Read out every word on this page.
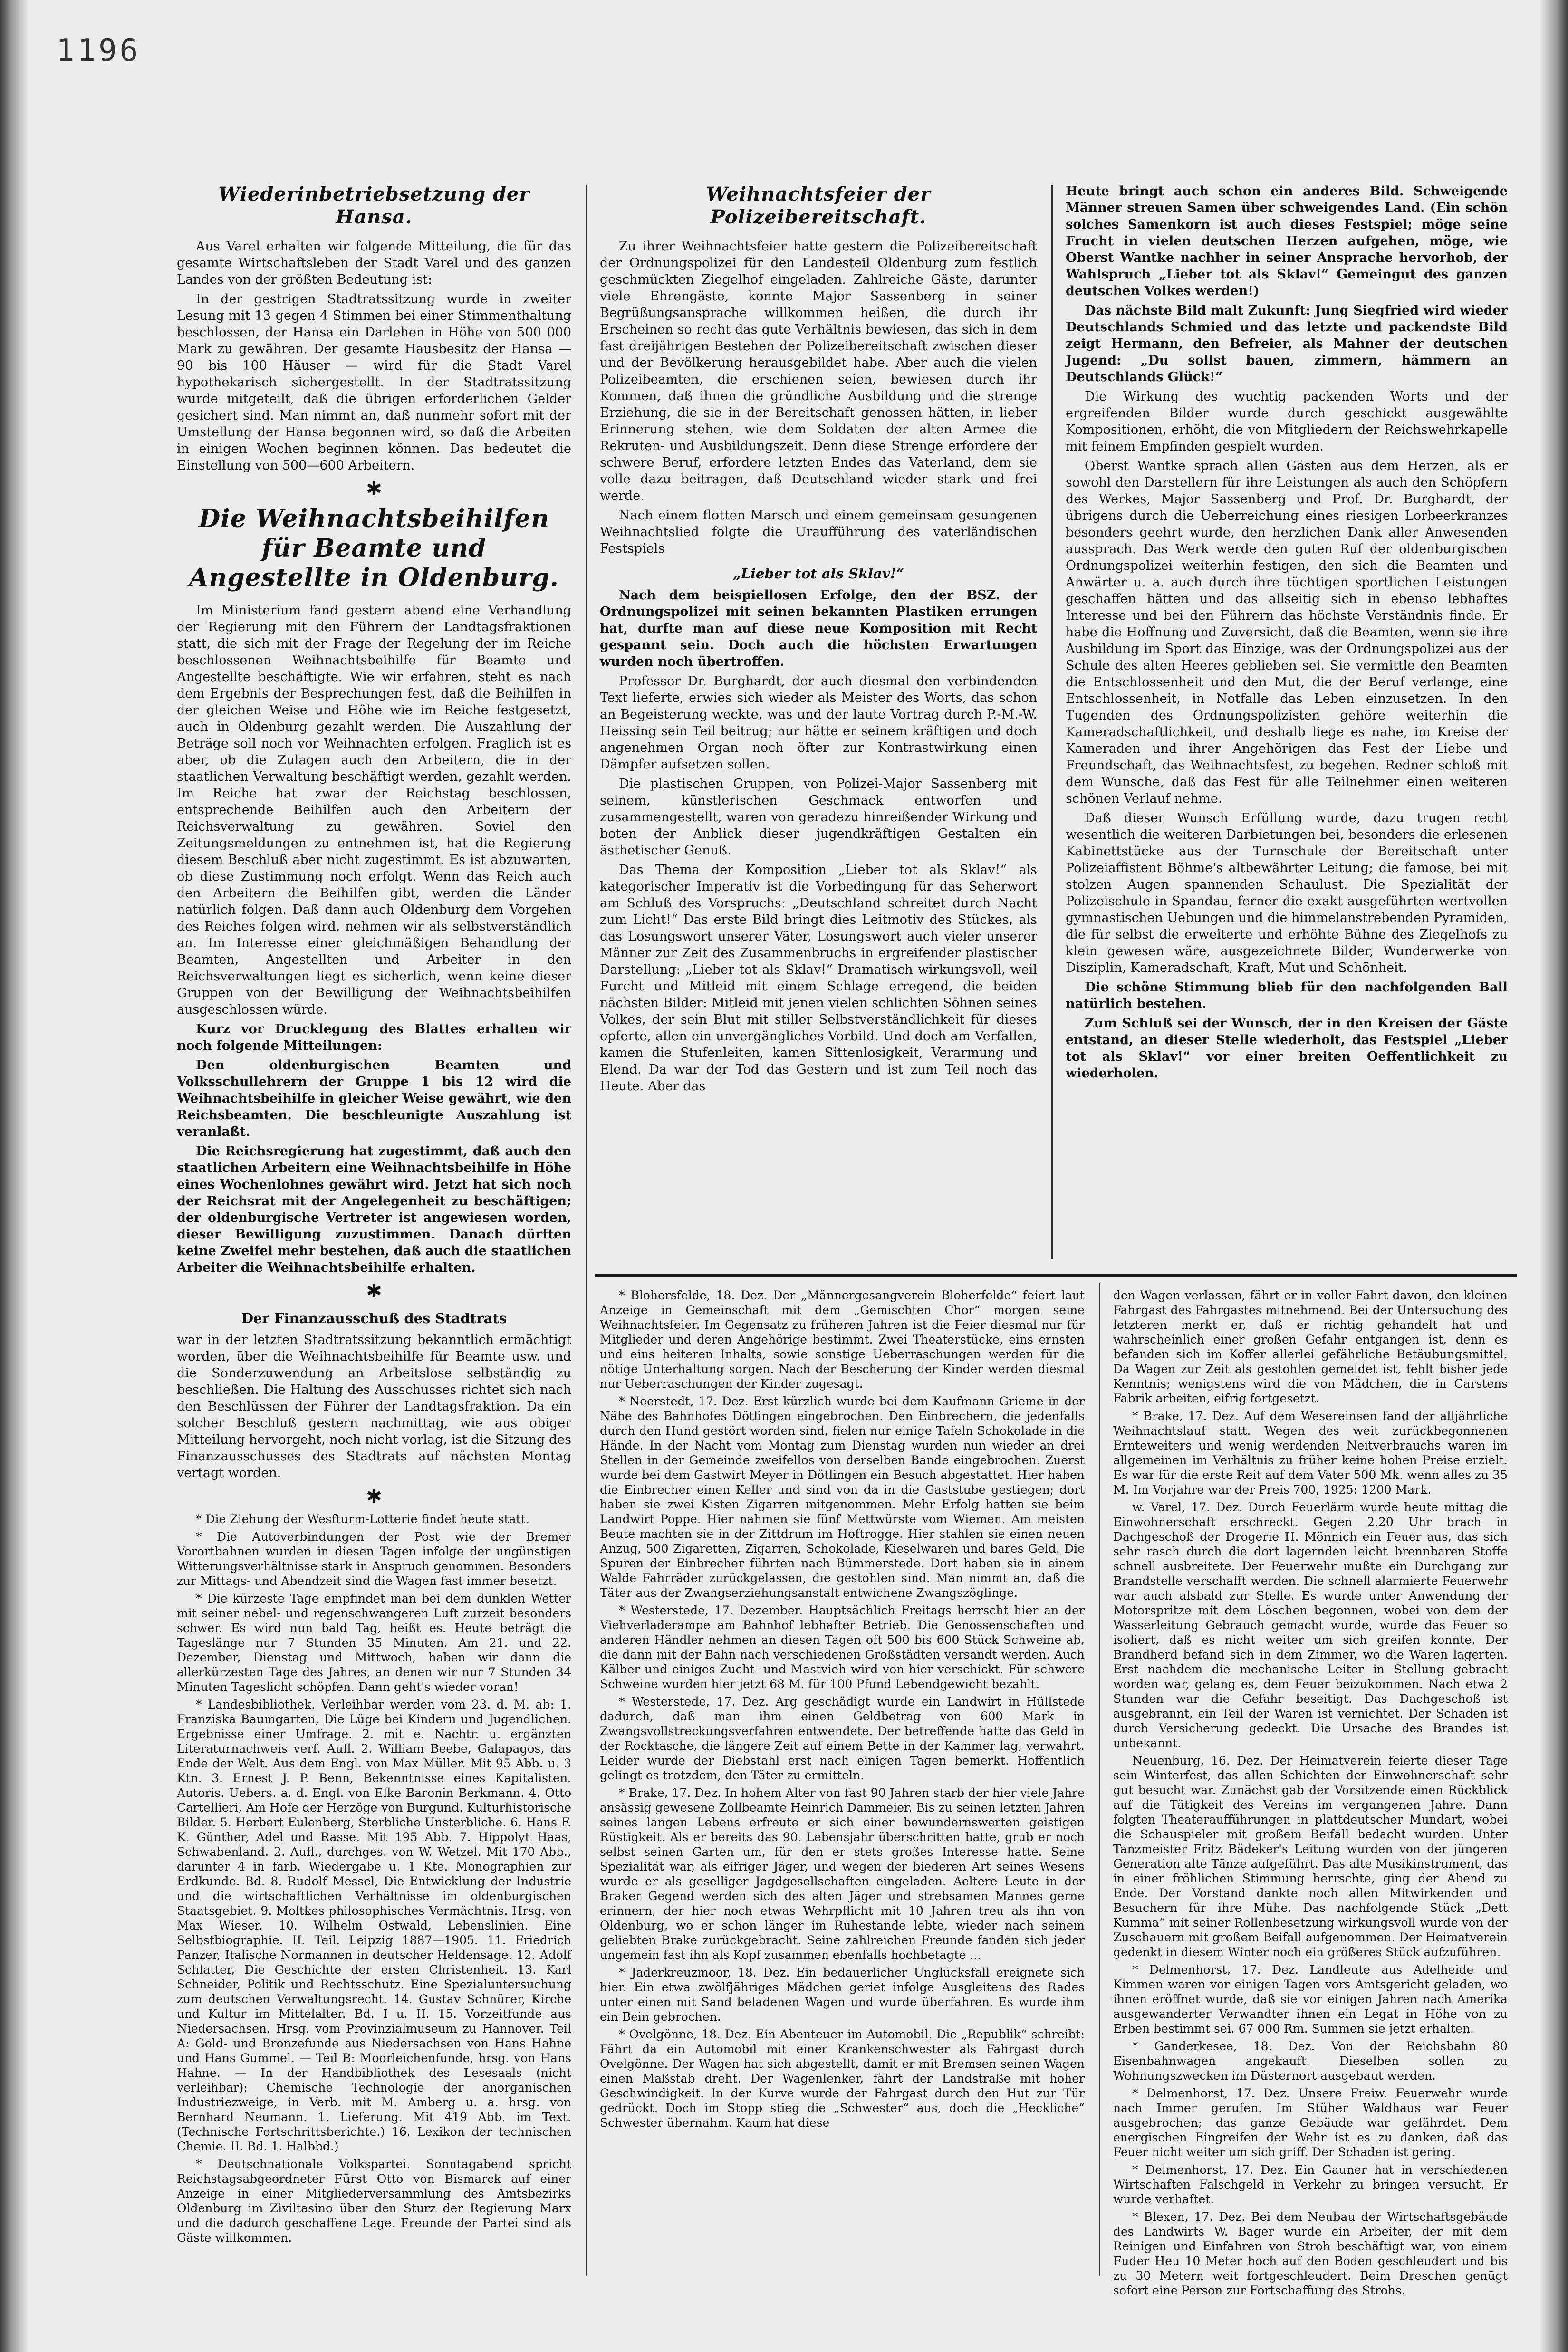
1196
Wiederinbetriebsetzung der Hansa.

Aus Varel erhalten wir folgende Mitteilung, die für das gesamte Wirtschaftsleben der Stadt Varel und des ganzen Landes von der größten Bedeutung ist:

In der gestrigen Stadtratssitzung wurde in zweiter Lesung mit 13 gegen 4 Stimmen bei einer Stimmenthaltung beschlossen, der Hansa ein Darlehen in Höhe von 500 000 Mark zu gewähren. Der gesamte Hausbesitz der Hansa — 90 bis 100 Häuser — wird für die Stadt Varel hypothekarisch sichergestellt. In der Stadtratssitzung wurde mitgeteilt, daß die übrigen erforderlichen Gelder gesichert sind. Man nimmt an, daß nunmehr sofort mit der Umstellung der Hansa begonnen wird, so daß die Arbeiten in einigen Wochen beginnen können. Das bedeutet die Einstellung von 500—600 Arbeitern.

✱
Die Weihnachtsbeihilfen für Beamte und Angestellte in Oldenburg.

Im Ministerium fand gestern abend eine Verhandlung der Regierung mit den Führern der Landtagsfraktionen statt, die sich mit der Frage der Regelung der im Reiche beschlossenen Weihnachtsbeihilfe für Beamte und Angestellte beschäftigte. Wie wir erfahren, steht es nach dem Ergebnis der Besprechungen fest, daß die Beihilfen in der gleichen Weise und Höhe wie im Reiche festgesetzt, auch in Oldenburg gezahlt werden. Die Auszahlung der Beträge soll noch vor Weihnachten erfolgen. Fraglich ist es aber, ob die Zulagen auch den Arbeitern, die in der staatlichen Verwaltung beschäftigt werden, gezahlt werden. Im Reiche hat zwar der Reichstag beschlossen, entsprechende Beihilfen auch den Arbeitern der Reichsverwaltung zu gewähren. Soviel den Zeitungsmeldungen zu entnehmen ist, hat die Regierung diesem Beschluß aber nicht zugestimmt. Es ist abzuwarten, ob diese Zustimmung noch erfolgt. Wenn das Reich auch den Arbeitern die Beihilfen gibt, werden die Länder natürlich folgen. Daß dann auch Oldenburg dem Vorgehen des Reiches folgen wird, nehmen wir als selbstverständlich an. Im Interesse einer gleichmäßigen Behandlung der Beamten, Angestellten und Arbeiter in den Reichsverwaltungen liegt es sicherlich, wenn keine dieser Gruppen von der Bewilligung der Weihnachtsbeihilfen ausgeschlossen würde.

Kurz vor Drucklegung des Blattes erhalten wir noch folgende Mitteilungen:

Den oldenburgischen Beamten und Volksschullehrern der Gruppe 1 bis 12 wird die Weihnachtsbeihilfe in gleicher Weise gewährt, wie den Reichsbeamten. Die beschleunigte Auszahlung ist veranlaßt.

Die Reichsregierung hat zugestimmt, daß auch den staatlichen Arbeitern eine Weihnachtsbeihilfe in Höhe eines Wochenlohnes gewährt wird. Jetzt hat sich noch der Reichsrat mit der Angelegenheit zu beschäftigen; der oldenburgische Vertreter ist angewiesen worden, dieser Bewilligung zuzustimmen. Danach dürften keine Zweifel mehr bestehen, daß auch die staatlichen Arbeiter die Weihnachtsbeihilfe erhalten.

✱
Der Finanzausschuß des Stadtrats

war in der letzten Stadtratssitzung bekanntlich ermächtigt worden, über die Weihnachtsbeihilfe für Beamte usw. und die Sonderzuwendung an Arbeitslose selbständig zu beschließen. Die Haltung des Ausschusses richtet sich nach den Beschlüssen der Führer der Landtagsfraktion. Da ein solcher Beschluß gestern nachmittag, wie aus obiger Mitteilung hervorgeht, noch nicht vorlag, ist die Sitzung des Finanzausschusses des Stadtrats auf nächsten Montag vertagt worden.

✱

* Die Ziehung der Wesfturm-Lotterie findet heute statt.

* Die Autoverbindungen der Post wie der Bremer Vorortbahnen wurden in diesen Tagen infolge der ungünstigen Witterungsverhältnisse stark in Anspruch genommen. Besonders zur Mittags- und Abendzeit sind die Wagen fast immer besetzt.

* Die kürzeste Tage empfindet man bei dem dunklen Wetter mit seiner nebel- und regenschwangeren Luft zurzeit besonders schwer. Es wird nun bald Tag, heißt es. Heute beträgt die Tageslänge nur 7 Stunden 35 Minuten. Am 21. und 22. Dezember, Dienstag und Mittwoch, haben wir dann die allerkürzesten Tage des Jahres, an denen wir nur 7 Stunden 34 Minuten Tageslicht schöpfen. Dann geht's wieder voran!

* Landesbibliothek. Verleihbar werden vom 23. d. M. ab: 1. Franziska Baumgarten, Die Lüge bei Kindern und Jugendlichen. Ergebnisse einer Umfrage. 2. mit e. Nachtr. u. ergänzten Literaturnachweis verf. Aufl. 2. William Beebe, Galapagos, das Ende der Welt. Aus dem Engl. von Max Müller. Mit 95 Abb. u. 3 Ktn. 3. Ernest J. P. Benn, Bekenntnisse eines Kapitalisten. Autoris. Uebers. a. d. Engl. von Elke Baronin Berkmann. 4. Otto Cartellieri, Am Hofe der Herzöge von Burgund. Kulturhistorische Bilder. 5. Herbert Eulenberg, Sterbliche Unsterbliche. 6. Hans F. K. Günther, Adel und Rasse. Mit 195 Abb. 7. Hippolyt Haas, Schwabenland. 2. Aufl., durchges. von W. Wetzel. Mit 170 Abb., darunter 4 in farb. Wiedergabe u. 1 Kte. Monographien zur Erdkunde. Bd. 8. Rudolf Messel, Die Entwicklung der Industrie und die wirtschaftlichen Verhältnisse im oldenburgischen Staatsgebiet. 9. Moltkes philosophisches Vermächtnis. Hrsg. von Max Wieser. 10. Wilhelm Ostwald, Lebenslinien. Eine Selbstbiographie. II. Teil. Leipzig 1887—1905. 11. Friedrich Panzer, Italische Normannen in deutscher Heldensage. 12. Adolf Schlatter, Die Geschichte der ersten Christenheit. 13. Karl Schneider, Politik und Rechtsschutz. Eine Spezialuntersuchung zum deutschen Verwaltungsrecht. 14. Gustav Schnürer, Kirche und Kultur im Mittelalter. Bd. I u. II. 15. Vorzeitfunde aus Niedersachsen. Hrsg. vom Provinzialmuseum zu Hannover. Teil A: Gold- und Bronzefunde aus Niedersachsen von Hans Hahne und Hans Gummel. — Teil B: Moorleichenfunde, hrsg. von Hans Hahne. — In der Handbibliothek des Lesesaals (nicht verleihbar): Chemische Technologie der anorganischen Industriezweige, in Verb. mit M. Amberg u. a. hrsg. von Bernhard Neumann. 1. Lieferung. Mit 419 Abb. im Text. (Technische Fortschrittsberichte.) 16. Lexikon der technischen Chemie. II. Bd. 1. Halbbd.)

* Deutschnationale Volkspartei. Sonntagabend spricht Reichstagsabgeordneter Fürst Otto von Bismarck auf einer Anzeige in einer Mitgliederversammlung des Amtsbezirks Oldenburg im Ziviltasino über den Sturz der Regierung Marx und die dadurch geschaffene Lage. Freunde der Partei sind als Gäste willkommen.

Weihnachtsfeier der Polizeibereitschaft.

Zu ihrer Weihnachtsfeier hatte gestern die Polizeibereitschaft der Ordnungspolizei für den Landesteil Oldenburg zum festlich geschmückten Ziegelhof eingeladen. Zahlreiche Gäste, darunter viele Ehrengäste, konnte Major Sassenberg in seiner Begrüßungsansprache willkommen heißen, die durch ihr Erscheinen so recht das gute Verhältnis bewiesen, das sich in dem fast dreijährigen Bestehen der Polizeibereitschaft zwischen dieser und der Bevölkerung herausgebildet habe. Aber auch die vielen Polizeibeamten, die erschienen seien, bewiesen durch ihr Kommen, daß ihnen die gründliche Ausbildung und die strenge Erziehung, die sie in der Bereitschaft genossen hätten, in lieber Erinnerung stehen, wie dem Soldaten der alten Armee die Rekruten- und Ausbildungszeit. Denn diese Strenge erfordere der schwere Beruf, erfordere letzten Endes das Vaterland, dem sie volle dazu beitragen, daß Deutschland wieder stark und frei werde.

Nach einem flotten Marsch und einem gemeinsam gesungenen Weihnachtslied folgte die Uraufführung des vaterländischen Festspiels

„Lieber tot als Sklav!“

Nach dem beispiellosen Erfolge, den der BSZ. der Ordnungspolizei mit seinen bekannten Plastiken errungen hat, durfte man auf diese neue Komposition mit Recht gespannt sein. Doch auch die höchsten Erwartungen wurden noch übertroffen.

Professor Dr. Burghardt, der auch diesmal den verbindenden Text lieferte, erwies sich wieder als Meister des Worts, das schon an Begeisterung weckte, was und der laute Vortrag durch P.-M.-W. Heissing sein Teil beitrug; nur hätte er seinem kräftigen und doch angenehmen Organ noch öfter zur Kontrastwirkung einen Dämpfer aufsetzen sollen.

Die plastischen Gruppen, von Polizei-Major Sassenberg mit seinem, künstlerischen Geschmack entworfen und zusammengestellt, waren von geradezu hinreißender Wirkung und boten der Anblick dieser jugendkräftigen Gestalten ein ästhetischer Genuß.

Das Thema der Komposition „Lieber tot als Sklav!“ als kategorischer Imperativ ist die Vorbedingung für das Seherwort am Schluß des Vorspruchs: „Deutschland schreitet durch Nacht zum Licht!“ Das erste Bild bringt dies Leitmotiv des Stückes, als das Losungswort unserer Väter, Losungswort auch vieler unserer Männer zur Zeit des Zusammenbruchs in ergreifender plastischer Darstellung: „Lieber tot als Sklav!“ Dramatisch wirkungsvoll, weil Furcht und Mitleid mit einem Schlage erregend, die beiden nächsten Bilder: Mitleid mit jenen vielen schlichten Söhnen seines Volkes, der sein Blut mit stiller Selbstverständlichkeit für dieses opferte, allen ein unvergängliches Vorbild. Und doch am Verfallen, kamen die Stufenleiten, kamen Sittenlosigkeit, Verarmung und Elend. Da war der Tod das Gestern und ist zum Teil noch das Heute. Aber das

Heute bringt auch schon ein anderes Bild. Schweigende Männer streuen Samen über schweigendes Land. (Ein schön solches Samenkorn ist auch dieses Festspiel; möge seine Frucht in vielen deutschen Herzen aufgehen, möge, wie Oberst Wantke nachher in seiner Ansprache hervorhob, der Wahlspruch „Lieber tot als Sklav!“ Gemeingut des ganzen deutschen Volkes werden!)

Das nächste Bild malt Zukunft: Jung Siegfried wird wieder Deutschlands Schmied und das letzte und packendste Bild zeigt Hermann, den Befreier, als Mahner der deutschen Jugend: „Du sollst bauen, zimmern, hämmern an Deutschlands Glück!“

Die Wirkung des wuchtig packenden Worts und der ergreifenden Bilder wurde durch geschickt ausgewählte Kompositionen, erhöht, die von Mitgliedern der Reichswehrkapelle mit feinem Empfinden gespielt wurden.

Oberst Wantke sprach allen Gästen aus dem Herzen, als er sowohl den Darstellern für ihre Leistungen als auch den Schöpfern des Werkes, Major Sassenberg und Prof. Dr. Burghardt, der übrigens durch die Ueberreichung eines riesigen Lorbeerkranzes besonders geehrt wurde, den herzlichen Dank aller Anwesenden aussprach. Das Werk werde den guten Ruf der oldenburgischen Ordnungspolizei weiterhin festigen, den sich die Beamten und Anwärter u. a. auch durch ihre tüchtigen sportlichen Leistungen geschaffen hätten und das allseitig sich in ebenso lebhaftes Interesse und bei den Führern das höchste Verständnis finde. Er habe die Hoffnung und Zuversicht, daß die Beamten, wenn sie ihre Ausbildung im Sport das Einzige, was der Ordnungspolizei aus der Schule des alten Heeres geblieben sei. Sie vermittle den Beamten die Entschlossenheit und den Mut, die der Beruf verlange, eine Entschlossenheit, in Notfalle das Leben einzusetzen. In den Tugenden des Ordnungspolizisten gehöre weiterhin die Kameradschaftlichkeit, und deshalb liege es nahe, im Kreise der Kameraden und ihrer Angehörigen das Fest der Liebe und Freundschaft, das Weihnachtsfest, zu begehen. Redner schloß mit dem Wunsche, daß das Fest für alle Teilnehmer einen weiteren schönen Verlauf nehme.

Daß dieser Wunsch Erfüllung wurde, dazu trugen recht wesentlich die weiteren Darbietungen bei, besonders die erlesenen Kabinettstücke aus der Turnschule der Bereitschaft unter Polizeiaffistent Böhme's altbewährter Leitung; die famose, bei mit stolzen Augen spannenden Schaulust. Die Spezialität der Polizeischule in Spandau, ferner die exakt ausgeführten wertvollen gymnastischen Uebungen und die himmelanstrebenden Pyramiden, die für selbst die erweiterte und erhöhte Bühne des Ziegelhofs zu klein gewesen wäre, ausgezeichnete Bilder, Wunderwerke von Disziplin, Kameradschaft, Kraft, Mut und Schönheit.

Die schöne Stimmung blieb für den nachfolgenden Ball natürlich bestehen.

Zum Schluß sei der Wunsch, der in den Kreisen der Gäste entstand, an dieser Stelle wiederholt, das Festspiel „Lieber tot als Sklav!“ vor einer breiten Oeffentlichkeit zu wiederholen.

* Blohersfelde, 18. Dez. Der „Männergesangverein Bloherfelde“ feiert laut Anzeige in Gemeinschaft mit dem „Gemischten Chor“ morgen seine Weihnachtsfeier. Im Gegensatz zu früheren Jahren ist die Feier diesmal nur für Mitglieder und deren Angehörige bestimmt. Zwei Theaterstücke, eins ernsten und eins heiteren Inhalts, sowie sonstige Ueberraschungen werden für die nötige Unterhaltung sorgen. Nach der Bescherung der Kinder werden diesmal nur Ueberraschungen der Kinder zugesagt.

* Neerstedt, 17. Dez. Erst kürzlich wurde bei dem Kaufmann Grieme in der Nähe des Bahnhofes Dötlingen eingebrochen. Den Einbrechern, die jedenfalls durch den Hund gestört worden sind, fielen nur einige Tafeln Schokolade in die Hände. In der Nacht vom Montag zum Dienstag wurden nun wieder an drei Stellen in der Gemeinde zweifellos von derselben Bande eingebrochen. Zuerst wurde bei dem Gastwirt Meyer in Dötlingen ein Besuch abgestattet. Hier haben die Einbrecher einen Keller und sind von da in die Gaststube gestiegen; dort haben sie zwei Kisten Zigarren mitgenommen. Mehr Erfolg hatten sie beim Landwirt Poppe. Hier nahmen sie fünf Mettwürste vom Wiemen. Am meisten Beute machten sie in der Zittdrum im Hoftrogge. Hier stahlen sie einen neuen Anzug, 500 Zigaretten, Zigarren, Schokolade, Kieselwaren und bares Geld. Die Spuren der Einbrecher führten nach Bümmerstede. Dort haben sie in einem Walde Fahrräder zurückgelassen, die gestohlen sind. Man nimmt an, daß die Täter aus der Zwangserziehungsanstalt entwichene Zwangszöglinge.

* Westerstede, 17. Dezember. Hauptsächlich Freitags herrscht hier an der Viehverladerampe am Bahnhof lebhafter Betrieb. Die Genossenschaften und anderen Händler nehmen an diesen Tagen oft 500 bis 600 Stück Schweine ab, die dann mit der Bahn nach verschiedenen Großstädten versandt werden. Auch Kälber und einiges Zucht- und Mastvieh wird von hier verschickt. Für schwere Schweine wurden hier jetzt 68 M. für 100 Pfund Lebendgewicht bezahlt.

* Westerstede, 17. Dez. Arg geschädigt wurde ein Landwirt in Hüllstede dadurch, daß man ihm einen Geldbetrag von 600 Mark in Zwangsvollstreckungsverfahren entwendete. Der betreffende hatte das Geld in der Rocktasche, die längere Zeit auf einem Bette in der Kammer lag, verwahrt. Leider wurde der Diebstahl erst nach einigen Tagen bemerkt. Hoffentlich gelingt es trotzdem, den Täter zu ermitteln.

* Brake, 17. Dez. In hohem Alter von fast 90 Jahren starb der hier viele Jahre ansässig gewesene Zollbeamte Heinrich Dammeier. Bis zu seinen letzten Jahren seines langen Lebens erfreute er sich einer bewundernswerten geistigen Rüstigkeit. Als er bereits das 90. Lebensjahr überschritten hatte, grub er noch selbst seinen Garten um, für den er stets großes Interesse hatte. Seine Spezialität war, als eifriger Jäger, und wegen der biederen Art seines Wesens wurde er als geselliger Jagdgesellschaften eingeladen. Aeltere Leute in der Braker Gegend werden sich des alten Jäger und strebsamen Mannes gerne erinnern, der hier noch etwas Wehrpflicht mit 10 Jahren treu als ihn von Oldenburg, wo er schon länger im Ruhestande lebte, wieder nach seinem geliebten Brake zurückgebracht. Seine zahlreichen Freunde fanden sich jeder ungemein fast ihn als Kopf zusammen ebenfalls hochbetagte ...

* Jaderkreuzmoor, 18. Dez. Ein bedauerlicher Unglücksfall ereignete sich hier. Ein etwa zwölfjähriges Mädchen geriet infolge Ausgleitens des Rades unter einen mit Sand beladenen Wagen und wurde überfahren. Es wurde ihm ein Bein gebrochen.

* Ovelgönne, 18. Dez. Ein Abenteuer im Automobil. Die „Republik“ schreibt: Fährt da ein Automobil mit einer Krankenschwester als Fahrgast durch Ovelgönne. Der Wagen hat sich abgestellt, damit er mit Bremsen seinen Wagen einen Maßstab dreht. Der Wagenlenker, fährt der Landstraße mit hoher Geschwindigkeit. In der Kurve wurde der Fahrgast durch den Hut zur Tür gedrückt. Doch im Stopp stieg die „Schwester“ aus, doch die „Heckliche“ Schwester übernahm. Kaum hat diese

den Wagen verlassen, fährt er in voller Fahrt davon, den kleinen Fahrgast des Fahrgastes mitnehmend. Bei der Untersuchung des letzteren merkt er, daß er richtig gehandelt hat und wahrscheinlich einer großen Gefahr entgangen ist, denn es befanden sich im Koffer allerlei gefährliche Betäubungsmittel. Da Wagen zur Zeit als gestohlen gemeldet ist, fehlt bisher jede Kenntnis; wenigstens wird die von Mädchen, die in Carstens Fabrik arbeiten, eifrig fortgesetzt.

* Brake, 17. Dez. Auf dem Wesereinsen fand der alljährliche Weihnachtslauf statt. Wegen des weit zurückbegonnenen Ernteweiters und wenig werdenden Neitverbrauchs waren im allgemeinen im Verhältnis zu früher keine hohen Preise erzielt. Es war für die erste Reit auf dem Vater 500 Mk. wenn alles zu 35 M. Im Vorjahre war der Preis 700, 1925: 1200 Mark.

w. Varel, 17. Dez. Durch Feuerlärm wurde heute mittag die Einwohnerschaft erschreckt. Gegen 2.20 Uhr brach in Dachgeschoß der Drogerie H. Mönnich ein Feuer aus, das sich sehr rasch durch die dort lagernden leicht brennbaren Stoffe schnell ausbreitete. Der Feuerwehr mußte ein Durchgang zur Brandstelle verschafft werden. Die schnell alarmierte Feuerwehr war auch alsbald zur Stelle. Es wurde unter Anwendung der Motorspritze mit dem Löschen begonnen, wobei von dem der Wasserleitung Gebrauch gemacht wurde, wurde das Feuer so isoliert, daß es nicht weiter um sich greifen konnte. Der Brandherd befand sich in dem Zimmer, wo die Waren lagerten. Erst nachdem die mechanische Leiter in Stellung gebracht worden war, gelang es, dem Feuer beizukommen. Nach etwa 2 Stunden war die Gefahr beseitigt. Das Dachgeschoß ist ausgebrannt, ein Teil der Waren ist vernichtet. Der Schaden ist durch Versicherung gedeckt. Die Ursache des Brandes ist unbekannt.

Neuenburg, 16. Dez. Der Heimatverein feierte dieser Tage sein Winterfest, das allen Schichten der Einwohnerschaft sehr gut besucht war. Zunächst gab der Vorsitzende einen Rückblick auf die Tätigkeit des Vereins im vergangenen Jahre. Dann folgten Theateraufführungen in plattdeutscher Mundart, wobei die Schauspieler mit großem Beifall bedacht wurden. Unter Tanzmeister Fritz Bädeker's Leitung wurden von der jüngeren Generation alte Tänze aufgeführt. Das alte Musikinstrument, das in einer fröhlichen Stimmung herrschte, ging der Abend zu Ende. Der Vorstand dankte noch allen Mitwirkenden und Besuchern für ihre Mühe. Das nachfolgende Stück „Dett Kumma“ mit seiner Rollenbesetzung wirkungsvoll wurde von der Zuschauern mit großem Beifall aufgenommen. Der Heimatverein gedenkt in diesem Winter noch ein größeres Stück aufzuführen.

* Delmenhorst, 17. Dez. Landleute aus Adelheide und Kimmen waren vor einigen Tagen vors Amtsgericht geladen, wo ihnen eröffnet wurde, daß sie vor einigen Jahren nach Amerika ausgewanderter Verwandter ihnen ein Legat in Höhe von zu Erben bestimmt sei. 67 000 Rm. Summen sie jetzt erhalten.

* Ganderkesee, 18. Dez. Von der Reichsbahn 80 Eisenbahnwagen angekauft. Dieselben sollen zu Wohnungszwecken im Düsternort ausgebaut werden.

* Delmenhorst, 17. Dez. Unsere Freiw. Feuerwehr wurde nach Immer gerufen. Im Stüher Waldhaus war Feuer ausgebrochen; das ganze Gebäude war gefährdet. Dem energischen Eingreifen der Wehr ist es zu danken, daß das Feuer nicht weiter um sich griff. Der Schaden ist gering.

* Delmenhorst, 17. Dez. Ein Gauner hat in verschiedenen Wirtschaften Falschgeld in Verkehr zu bringen versucht. Er wurde verhaftet.

* Blexen, 17. Dez. Bei dem Neubau der Wirtschaftsgebäude des Landwirts W. Bager wurde ein Arbeiter, der mit dem Reinigen und Einfahren von Stroh beschäftigt war, von einem Fuder Heu 10 Meter hoch auf den Boden geschleudert und bis zu 30 Metern weit fortgeschleudert. Beim Dreschen genügt sofort eine Person zur Fortschaffung des Strohs.
